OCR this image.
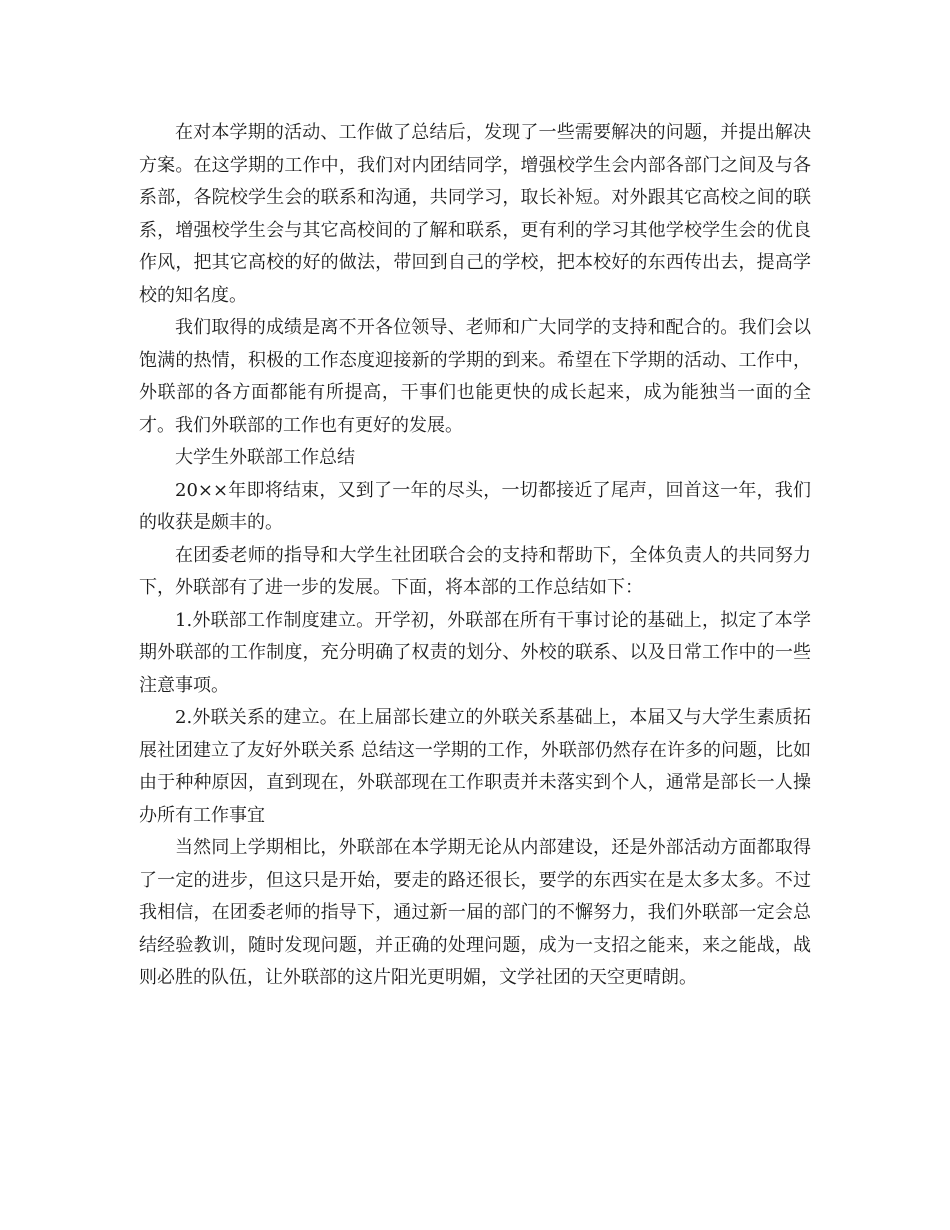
在对本学期的活动、工作做了总结后，发现了一些需要解决的问题，并提出解决方案。在这学期的工作中，我们对内团结同学，增强校学生会内部各部门之间及与各系部，各院校学生会的联系和沟通，共同学习，取长补短。对外跟其它高校之间的联系，增强校学生会与其它高校间的了解和联系，更有利的学习其他学校学生会的优良作风，把其它高校的好的做法，带回到自己的学校，把本校好的东西传出去，提高学校的知名度。

我们取得的成绩是离不开各位领导、老师和广大同学的支持和配合的。我们会以饱满的热情，积极的工作态度迎接新的学期的到来。希望在下学期的活动、工作中，外联部的各方面都能有所提高，干事们也能更快的成长起来，成为能独当一面的全才。我们外联部的工作也有更好的发展。

大学生外联部工作总结

20××年即将结束，又到了一年的尽头，一切都接近了尾声，回首这一年，我们的收获是颇丰的。

在团委老师的指导和大学生社团联合会的支持和帮助下，全体负责人的共同努力下，外联部有了进一步的发展。下面，将本部的工作总结如下：

1.外联部工作制度建立。开学初，外联部在所有干事讨论的基础上，拟定了本学期外联部的工作制度，充分明确了权责的划分、外校的联系、以及日常工作中的一些注意事项。

2.外联关系的建立。在上届部长建立的外联关系基础上，本届又与大学生素质拓展社团建立了友好外联关系 总结这一学期的工作，外联部仍然存在许多的问题，比如由于种种原因，直到现在，外联部现在工作职责并未落实到个人，通常是部长一人操办所有工作事宜

当然同上学期相比，外联部在本学期无论从内部建设，还是外部活动方面都取得了一定的进步，但这只是开始，要走的路还很长，要学的东西实在是太多太多。不过我相信，在团委老师的指导下，通过新一届的部门的不懈努力，我们外联部一定会总结经验教训，随时发现问题，并正确的处理问题，成为一支招之能来，来之能战，战则必胜的队伍，让外联部的这片阳光更明媚，文学社团的天空更晴朗。
